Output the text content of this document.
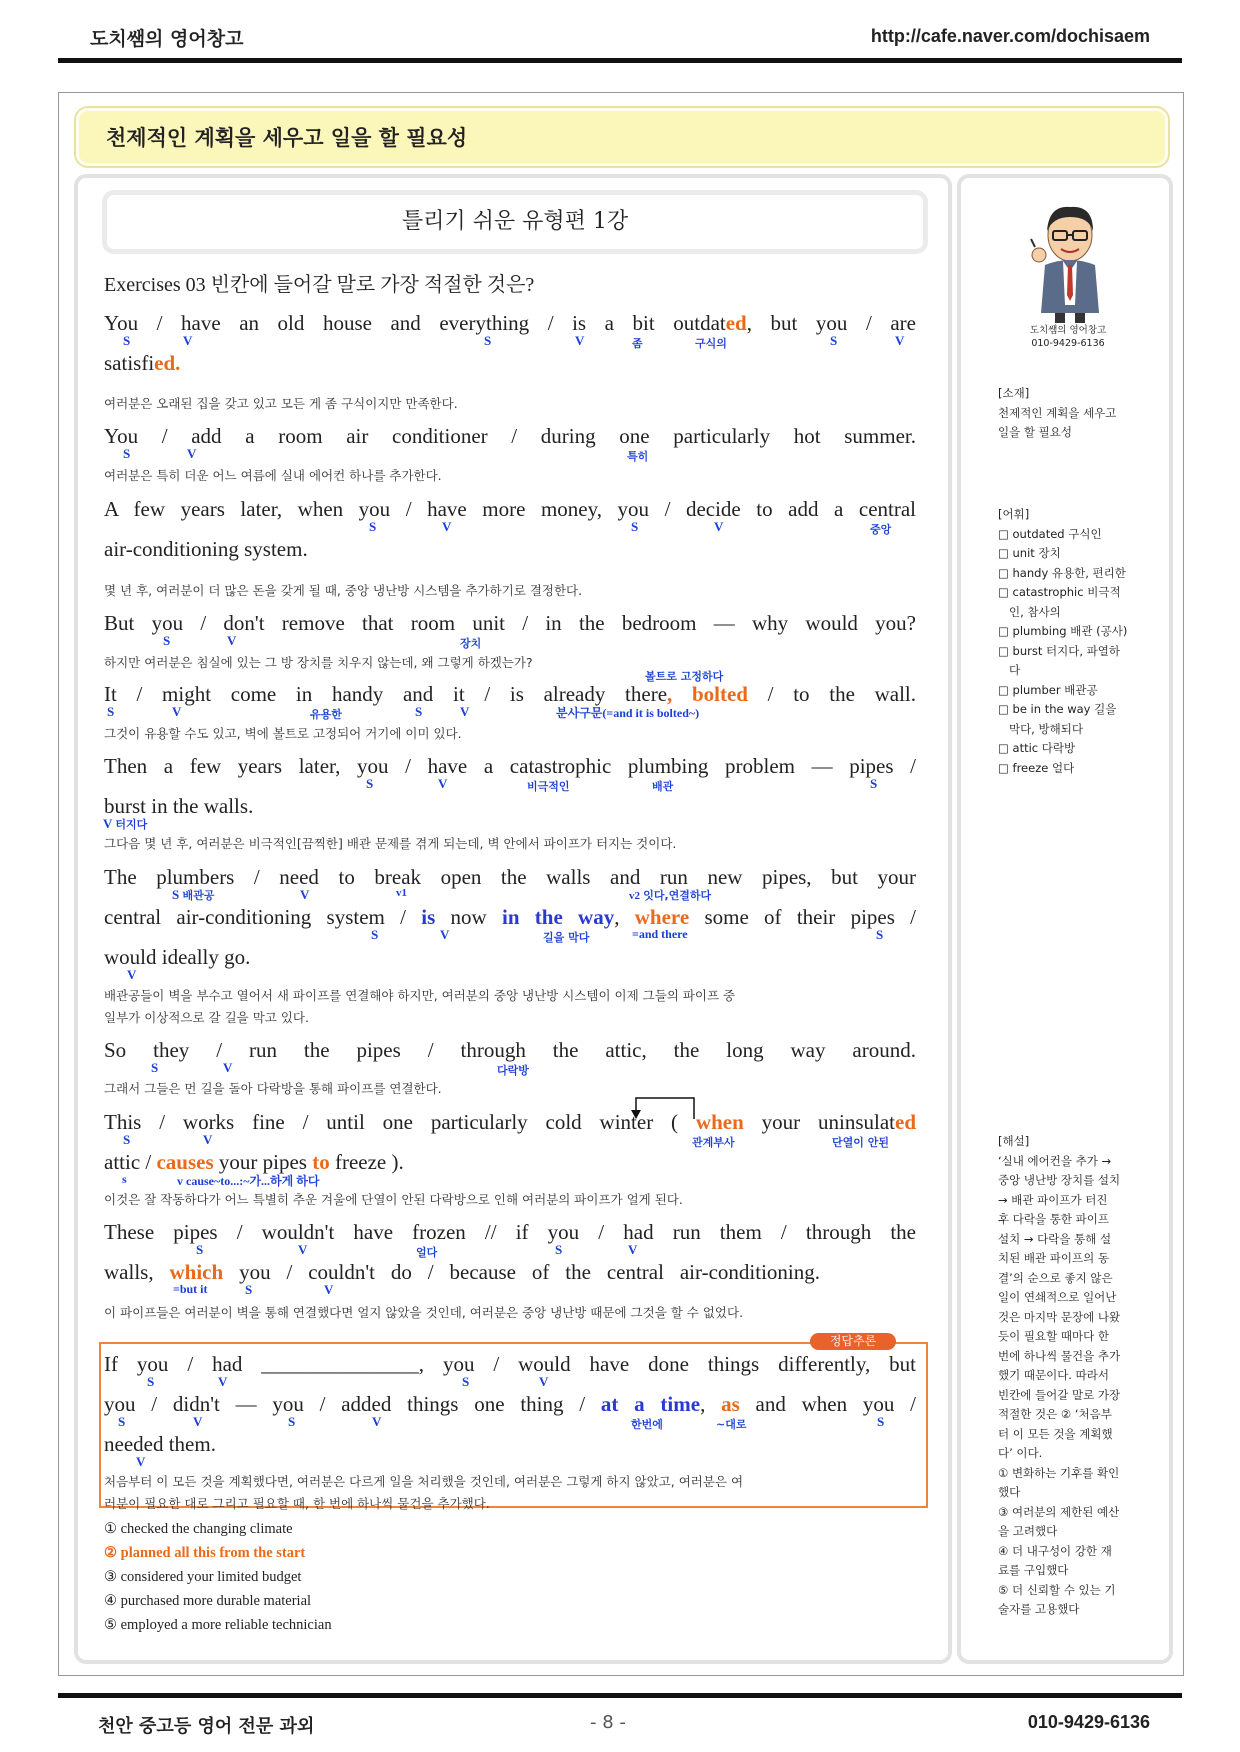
도치쌤의 영어창고	http://cafe.naver.com/dochisaem
천제적인 계획을 세우고 일을 할 필요성
틀리기 쉬운 유형편 1강
Exercises 03 빈칸에 들어갈 말로 가장 적절한 것은?
You / have an old house and everything / is a bit outdated, but you / are
satisfied.
S	V	S	V	좀	구식의	S	V
여러분은 오래된 집을 갖고 있고 모든 게 좀 구식이지만 만족한다.
You / add a room air conditioner / during one particularly hot summer.
S	V	특히
여러분은 특히 더운 어느 여름에 실내 에어컨 하나를 추가한다.
A few years later, when you / have more money, you / decide to add a central
air-conditioning system.
S	V	S	V	중앙
몇 년 후, 여러분이 더 많은 돈을 갖게 될 때, 중앙 냉난방 시스템을 추가하기로 결정한다.
But you / don't remove that room unit / in the bedroom — why would you?
S	V	장치
하지만 여러분은 침실에 있는 그 방 장치를 치우지 않는데, 왜 그렇게 하겠는가?
볼트로 고정하다
It / might come in handy and it / is already there, bolted / to the wall.
S	V	유용한	S	V	분사구문(=and it is bolted~)
그것이 유용할 수도 있고, 벽에 볼트로 고정되어 거기에 이미 있다.
Then a few years later, you / have a catastrophic plumbing problem — pipes /
burst in the walls.
S	V	비극적인	배관	S
V 터지다
그다음 몇 년 후, 여러분은 비극적인[끔찍한] 배관 문제를 겪게 되는데, 벽 안에서 파이프가 터지는 것이다.
The plumbers / need to break open the walls and run new pipes, but your
central air-conditioning system / is now in the way, where some of their pipes /
would ideally go.
S 배관공	V	v1	v2 잇다,연결하다
S	V	길을 막다	=and there	S
V
배관공들이 벽을 부수고 열어서 새 파이프를 연결해야 하지만, 여러분의 중앙 냉난방 시스템이 이제 그들의 파이프 중
일부가 이상적으로 갈 길을 막고 있다.
So they / run the pipes / through the attic, the long way around.
S	V	다락방
그래서 그들은 먼 길을 돌아 다락방을 통해 파이프를 연결한다.
This / works fine / until one particularly cold winter ( when your uninsulated
attic / causes your pipes to freeze ).
S	V	관계부사	단열이 안된
s	v cause~to...:~가...하게 하다
이것은 잘 작동하다가 어느 특별히 추운 겨울에 단열이 안된 다락방으로 인해 여러분의 파이프가 얼게 된다.
These pipes / wouldn't have frozen // if you / had run them / through the
walls, which you / couldn't do / because of the central air-conditioning.
S	V	얼다	S	V
=but it	S	V
이 파이프들은 여러분이 벽을 통해 연결했다면 얼지 않았을 것인데, 여러분은 중앙 냉난방 때문에 그것을 할 수 없었다.
정답추론
If you / had _______________, you / would have done things differently, but
you / didn't — you / added things one thing / at a time, as and when you /
needed them.
S	V	S	V
S	V	S	V	한번에	~대로	S
V
처음부터 이 모든 것을 계획했다면, 여러분은 다르게 일을 처리했을 것인데, 여러분은 그렇게 하지 않았고, 여러분은 여
러분이 필요한 대로 그리고 필요할 때, 한 번에 하나씩 물건을 추가했다.
① checked the changing climate
② planned all this from the start
③ considered your limited budget
④ purchased more durable material
⑤ employed a more reliable technician
도치쌤의 영어창고
010-9429-6136
[소재]
천제적인 계획을 세우고
일을 할 필요성
[어휘]
□ outdated 구식인
□ unit 장치
□ handy 유용한, 편리한
□ catastrophic 비극적
인, 참사의
□ plumbing 배관 (공사)
□ burst 터지다, 파열하
다
□ plumber 배관공
□ be in the way 길을
막다, 방해되다
□ attic 다락방
□ freeze 얼다
[해설]
‘실내 에어컨을 추가 →
중앙 냉난방 장치를 설치
→ 배관 파이프가 터진
후 다락을 통한 파이프
설치 → 다락을 통해 설
치된 배관 파이프의 동
결’의 순으로 좋지 않은
일이 연쇄적으로 일어난
것은 마지막 문장에 나왔
듯이 필요할 때마다 한
번에 하나씩 물건을 추가
했기 때문이다. 따라서
빈칸에 들어갈 말로 가장
적절한 것은 ② ‘처음부
터 이 모든 것을 계획했
다’ 이다.
① 변화하는 기후를 확인
했다
③ 여러분의 제한된 예산
을 고려했다
④ 더 내구성이 강한 재
료를 구입했다
⑤ 더 신뢰할 수 있는 기
술자를 고용했다
천안 중고등 영어 전문 과외	- 8 -	010-9429-6136
